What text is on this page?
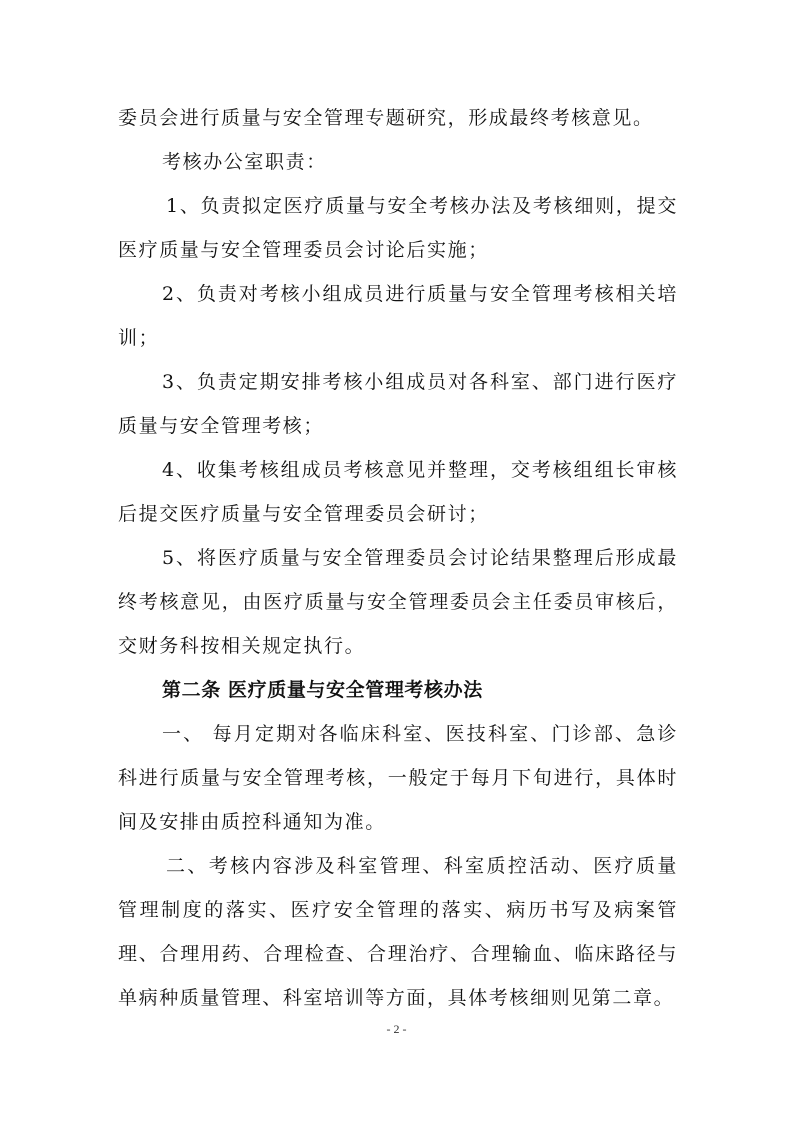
委员会进行质量与安全管理专题研究，形成最终考核意见。

考核办公室职责：

1、负责拟定医疗质量与安全考核办法及考核细则，提交医疗质量与安全管理委员会讨论后实施；

2、负责对考核小组成员进行质量与安全管理考核相关培训；

3、负责定期安排考核小组成员对各科室、部门进行医疗质量与安全管理考核；

4、收集考核组成员考核意见并整理，交考核组组长审核后提交医疗质量与安全管理委员会研讨；

5、将医疗质量与安全管理委员会讨论结果整理后形成最终考核意见，由医疗质量与安全管理委员会主任委员审核后，交财务科按相关规定执行。

第二条 医疗质量与安全管理考核办法

一、 每月定期对各临床科室、医技科室、门诊部、急诊科进行质量与安全管理考核，一般定于每月下旬进行，具体时间及安排由质控科通知为准。

二、考核内容涉及科室管理、科室质控活动、医疗质量管理制度的落实、医疗安全管理的落实、病历书写及病案管理、合理用药、合理检查、合理治疗、合理输血、临床路径与单病种质量管理、科室培训等方面，具体考核细则见第二章。

- 2 -
